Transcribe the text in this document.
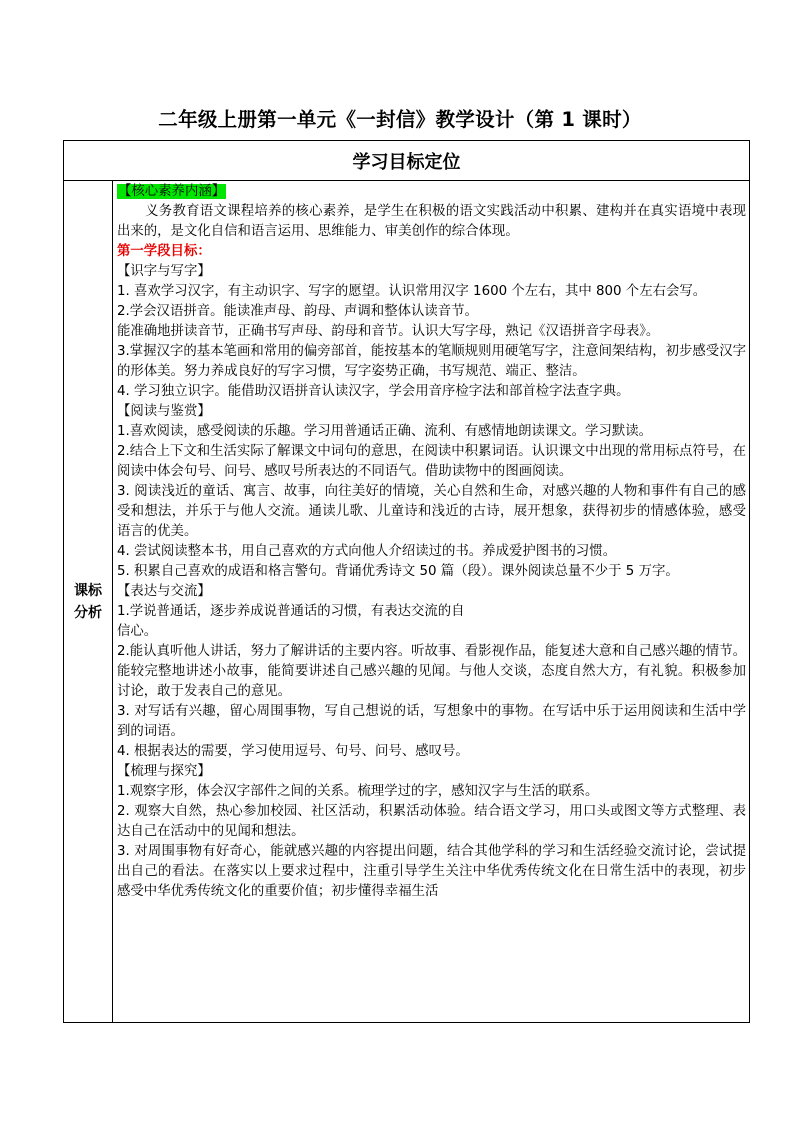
二年级上册第一单元《一封信》教学设计（第 1 课时）
学习目标定位

课标
分析

【核心素养内涵】

义务教育语文课程培养的核心素养，是学生在积极的语文实践活动中积累、建构并在真实语境中表现出来的，是文化自信和语言运用、思维能力、审美创作的综合体现。

第一学段目标：

【识字与写字】

1. 喜欢学习汉字，有主动识字、写字的愿望。认识常用汉字 1600 个左右，其中 800 个左右会写。

2.学会汉语拼音。能读准声母、韵母、声调和整体认读音节。

能准确地拼读音节，正确书写声母、韵母和音节。认识大写字母，熟记《汉语拼音字母表》。

3.掌握汉字的基本笔画和常用的偏旁部首，能按基本的笔顺规则用硬笔写字，注意间架结构，初步感受汉字的形体美。努力养成良好的写字习惯，写字姿势正确，书写规范、端正、整洁。

4. 学习独立识字。能借助汉语拼音认读汉字，学会用音序检字法和部首检字法查字典。

【阅读与鉴赏】

1.喜欢阅读，感受阅读的乐趣。学习用普通话正确、流利、有感情地朗读课文。学习默读。

2.结合上下文和生活实际了解课文中词句的意思，在阅读中积累词语。认识课文中出现的常用标点符号，在阅读中体会句号、问号、感叹号所表达的不同语气。借助读物中的图画阅读。

3. 阅读浅近的童话、寓言、故事，向往美好的情境，关心自然和生命，对感兴趣的人物和事件有自己的感受和想法，并乐于与他人交流。通读儿歌、儿童诗和浅近的古诗，展开想象，获得初步的情感体验，感受语言的优美。

4. 尝试阅读整本书，用自己喜欢的方式向他人介绍读过的书。养成爱护图书的习惯。

5. 积累自己喜欢的成语和格言警句。背诵优秀诗文 50 篇（段）。课外阅读总量不少于 5 万字。

【表达与交流】

1.学说普通话，逐步养成说普通话的习惯，有表达交流的自

信心。

2.能认真听他人讲话，努力了解讲话的主要内容。听故事、看影视作品，能复述大意和自己感兴趣的情节。能较完整地讲述小故事，能简要讲述自己感兴趣的见闻。与他人交谈，态度自然大方，有礼貌。积极参加讨论，敢于发表自己的意见。

3. 对写话有兴趣，留心周围事物，写自己想说的话，写想象中的事物。在写话中乐于运用阅读和生活中学到的词语。

4. 根据表达的需要，学习使用逗号、句号、问号、感叹号。

【梳理与探究】

1.观察字形，体会汉字部件之间的关系。梳理学过的字，感知汉字与生活的联系。

2. 观察大自然，热心参加校园、社区活动，积累活动体验。结合语文学习，用口头或图文等方式整理、表达自己在活动中的见闻和想法。

3. 对周围事物有好奇心，能就感兴趣的内容提出问题，结合其他学科的学习和生活经验交流讨论，尝试提出自己的看法。在落实以上要求过程中，注重引导学生关注中华优秀传统文化在日常生活中的表现，初步感受中华优秀传统文化的重要价值；初步懂得幸福生活
